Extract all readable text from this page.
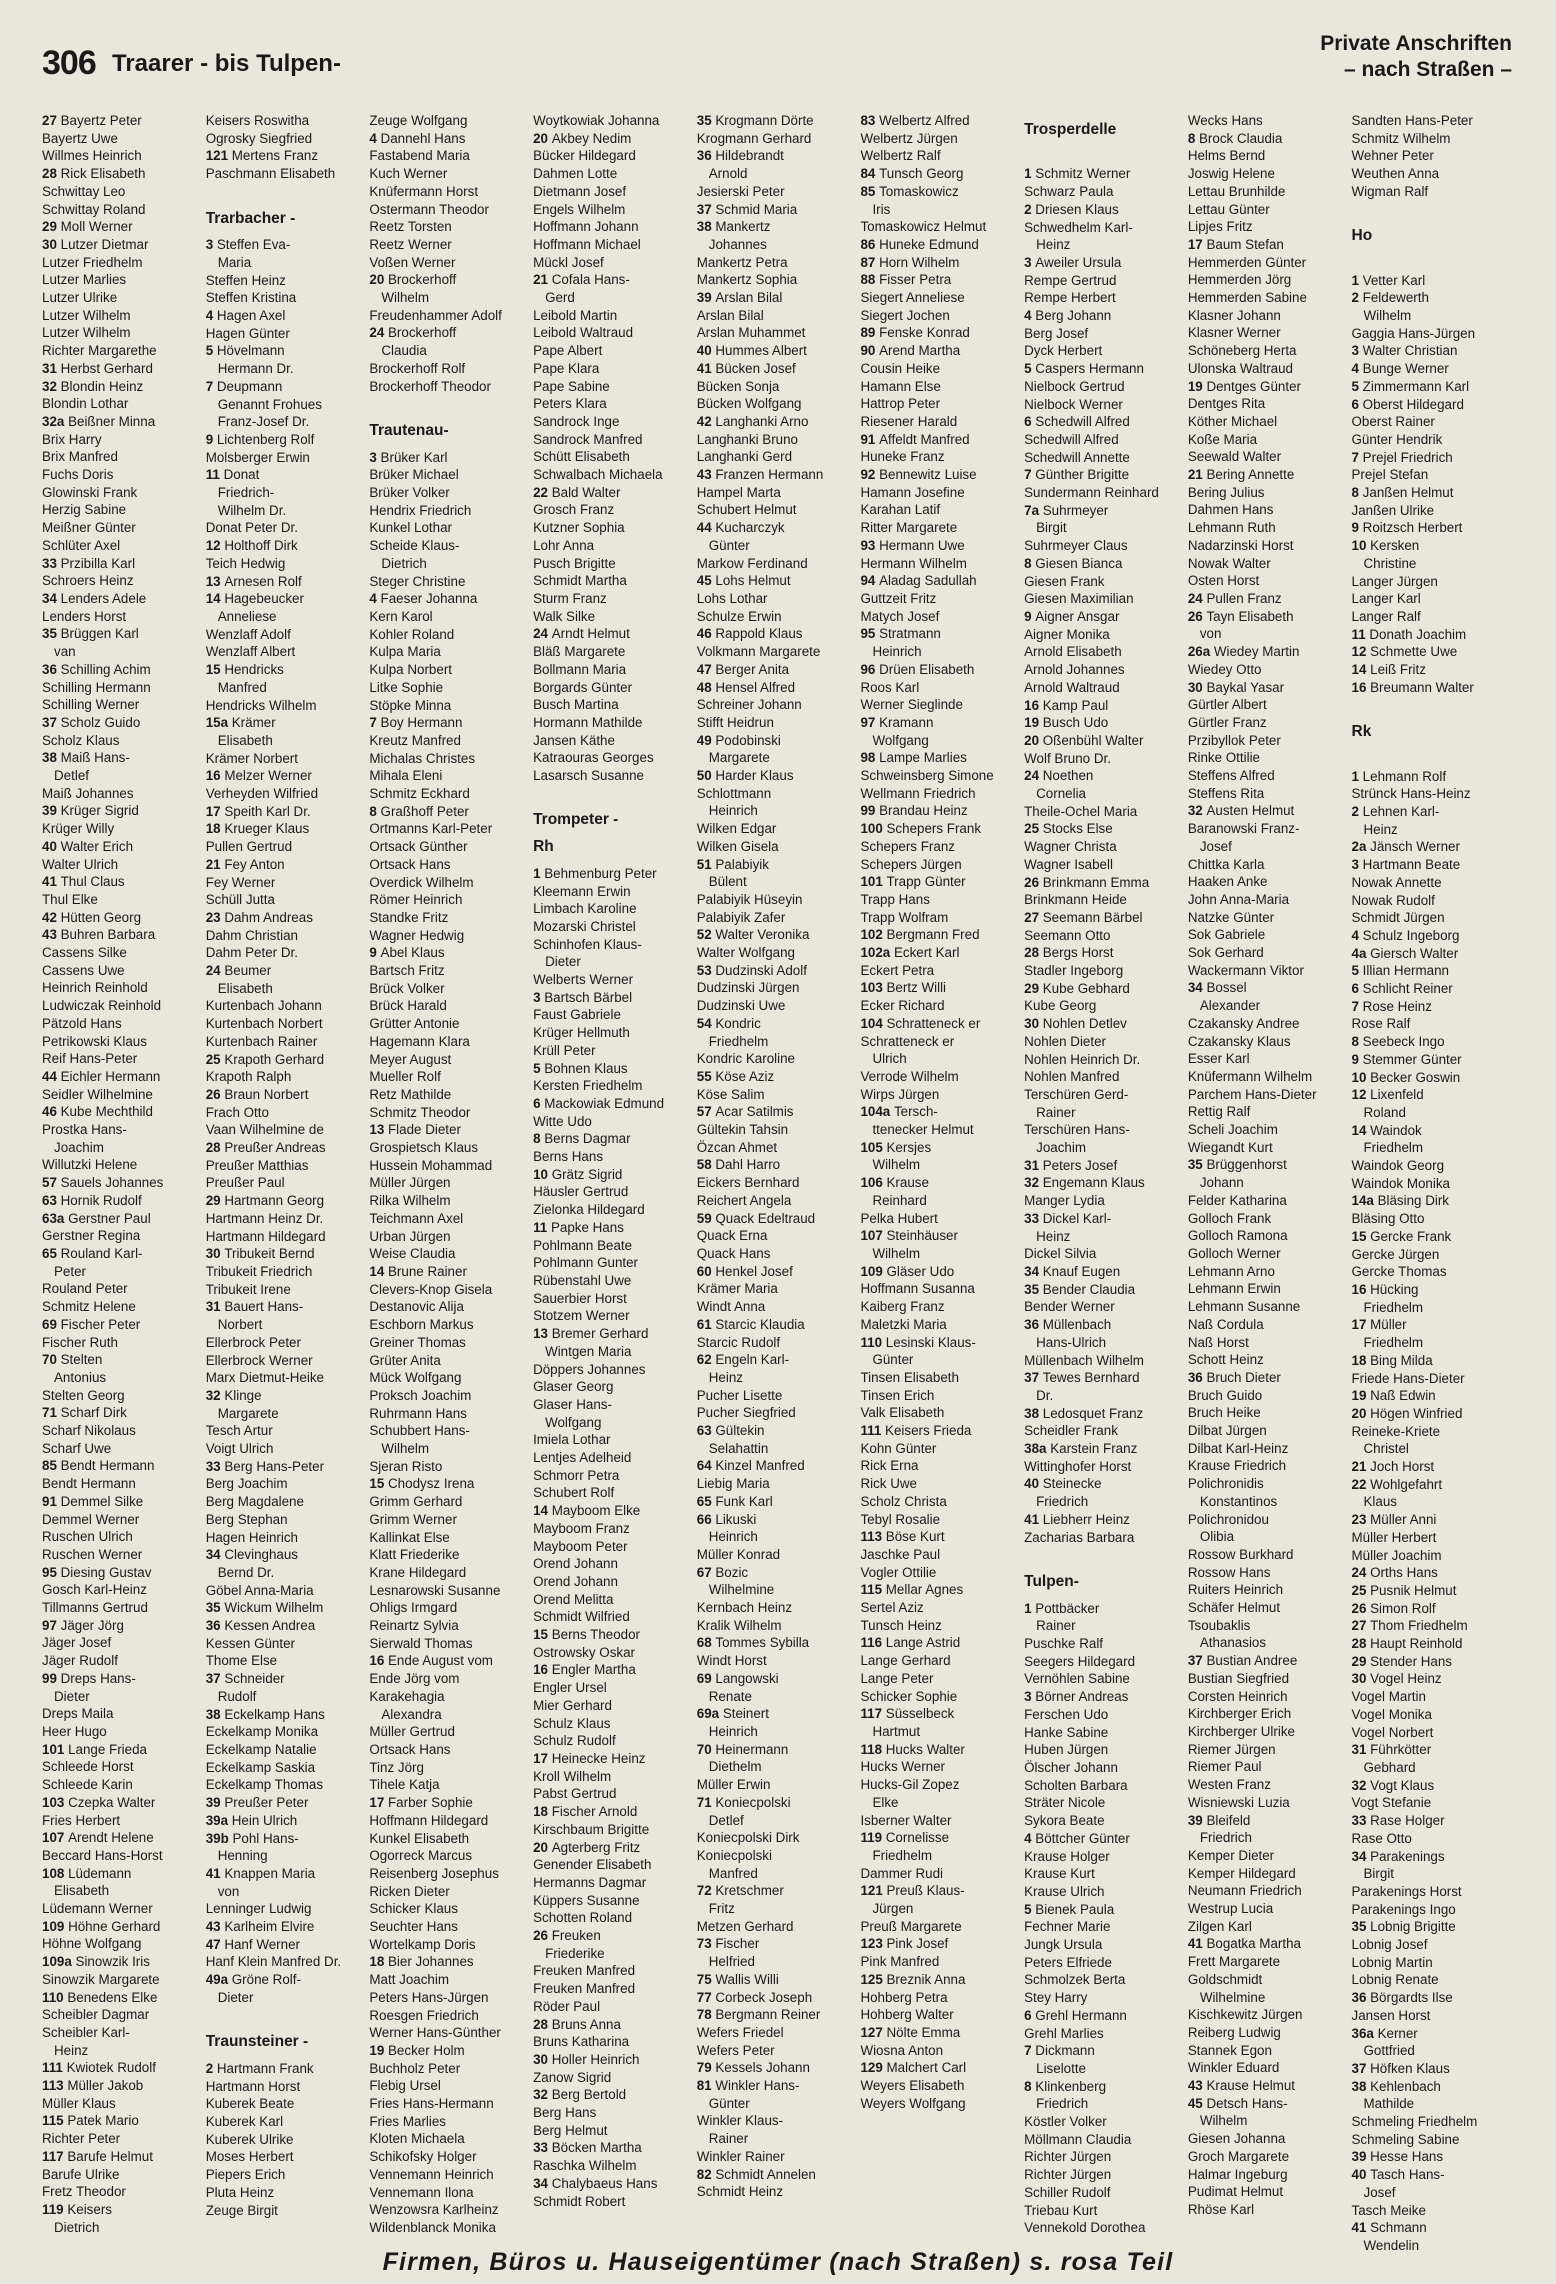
306 Traarer - bis Tulpen-
Private Anschriften
– nach Straßen –
27 Bayertz Peter
Bayertz Uwe
Willmes Heinrich
28 Rick Elisabeth
Schwittay Leo
Schwittay Roland
29 Moll Werner
30 Lutzer Dietmar
Lutzer Friedhelm
Lutzer Marlies
Lutzer Ulrike
Lutzer Wilhelm
Lutzer Wilhelm
Richter Margarethe
31 Herbst Gerhard
32 Blondin Heinz
Blondin Lothar
32a Beißner Minna
Brix Harry
Brix Manfred
Fuchs Doris
Glowinski Frank
Herzig Sabine
Meißner Günter
Schlüter Axel
33 Przibilla Karl
Schroers Heinz
34 Lenders Adele
Lenders Horst
35 Brüggen Karl
van
36 Schilling Achim
Schilling Hermann
Schilling Werner
37 Scholz Guido
Scholz Klaus
38 Maiß Hans-
Detlef
Maiß Johannes
39 Krüger Sigrid
Krüger Willy
40 Walter Erich
Walter Ulrich
41 Thul Claus
Thul Elke
42 Hütten Georg
43 Buhren Barbara
Cassens Silke
Cassens Uwe
Heinrich Reinhold
Ludwiczak Reinhold
Pätzold Hans
Petrikowski Klaus
Reif Hans-Peter
44 Eichler Hermann
Seidler Wilhelmine
46 Kube Mechthild
Prostka Hans-
Joachim
Willutzki Helene
57 Sauels Johannes
63 Hornik Rudolf
63a Gerstner Paul
Gerstner Regina
65 Rouland Karl-
Peter
Rouland Peter
Schmitz Helene
69 Fischer Peter
Fischer Ruth
70 Stelten
Antonius
Stelten Georg
71 Scharf Dirk
Scharf Nikolaus
Scharf Uwe
85 Bendt Hermann
Bendt Hermann
91 Demmel Silke
Demmel Werner
Ruschen Ulrich
Ruschen Werner
95 Diesing Gustav
Gosch Karl-Heinz
Tillmanns Gertrud
97 Jäger Jörg
Jäger Josef
Jäger Rudolf
99 Dreps Hans-
Dieter
Dreps Maila
Heer Hugo
101 Lange Frieda
Schleede Horst
Schleede Karin
103 Czepka Walter
Fries Herbert
107 Arendt Helene
Beccard Hans-Horst
108 Lüdemann
Elisabeth
Lüdemann Werner
109 Höhne Gerhard
Höhne Wolfgang
109a Sinowzik Iris
Sinowzik Margarete
110 Benedens Elke
Scheibler Dagmar
Scheibler Karl-
Heinz
111 Kwiotek Rudolf
113 Müller Jakob
Müller Klaus
115 Patek Mario
Richter Peter
117 Barufe Helmut
Barufe Ulrike
Fretz Theodor
119 Keisers
Dietrich
Keisers Roswitha
Ogrosky Siegfried
121 Mertens Franz
Paschmann Elisabeth

Trarbacher -
3 Steffen Eva-
Maria
Steffen Heinz
Steffen Kristina
4 Hagen Axel
Hagen Günter
5 Hövelmann
Hermann Dr.
7 Deupmann
Genannt Frohues
Franz-Josef Dr.
9 Lichtenberg Rolf
Molsberger Erwin
11 Donat
Friedrich-
Wilhelm Dr.
Donat Peter Dr.
12 Holthoff Dirk
Teich Hedwig
13 Arnesen Rolf
14 Hagebeucker
Anneliese
Wenzlaff Adolf
Wenzlaff Albert
15 Hendricks
Manfred
Hendricks Wilhelm
15a Krämer
Elisabeth
Krämer Norbert
16 Melzer Werner
Verheyden Wilfried
17 Speith Karl Dr.
18 Krueger Klaus
Pullen Gertrud
21 Fey Anton
Fey Werner
Schüll Jutta
23 Dahm Andreas
Dahm Christian
Dahm Peter Dr.
24 Beumer
Elisabeth
Kurtenbach Johann
Kurtenbach Norbert
Kurtenbach Rainer
25 Krapoth Gerhard
Krapoth Ralph
26 Braun Norbert
Frach Otto
Vaan Wilhelmine de
28 Preußer Andreas
Preußer Matthias
Preußer Paul
29 Hartmann Georg
Hartmann Heinz Dr.
Hartmann Hildegard
30 Tribukeit Bernd
Tribukeit Friedrich
Tribukeit Irene
31 Bauert Hans-
Norbert
Ellerbrock Peter
Ellerbrock Werner
Marx Dietmut-Heike
32 Klinge
Margarete
Tesch Artur
Voigt Ulrich
33 Berg Hans-Peter
Berg Joachim
Berg Magdalene
Berg Stephan
Hagen Heinrich
34 Clevinghaus
Bernd Dr.
Göbel Anna-Maria
35 Wickum Wilhelm
36 Kessen Andrea
Kessen Günter
Thome Else
37 Schneider
Rudolf
38 Eckelkamp Hans
Eckelkamp Monika
Eckelkamp Natalie
Eckelkamp Saskia
Eckelkamp Thomas
39 Preußer Peter
39a Hein Ulrich
39b Pohl Hans-
Henning
41 Knappen Maria
von
Lenninger Ludwig
43 Karlheim Elvire
47 Hanf Werner
Hanf Klein Manfred Dr.
49a Gröne Rolf-
Dieter

Traunsteiner -
2 Hartmann Frank
Hartmann Horst
Kuberek Beate
Kuberek Karl
Kuberek Ulrike
Moses Herbert
Piepers Erich
Pluta Heinz
Zeuge Birgit
Zeuge Wolfgang
4 Dannehl Hans
Fastabend Maria
Kuch Werner
Knüfermann Horst
Ostermann Theodor
Reetz Torsten
Reetz Werner
Voßen Werner
20 Brockerhoff
Wilhelm
Freudenhammer Adolf
24 Brockerhoff
Claudia
Brockerhoff Rolf
Brockerhoff Theodor

Trautenau-
3 Brüker Karl
Brüker Michael
Brüker Volker
Hendrix Friedrich
Kunkel Lothar
Scheide Klaus-
Dietrich
Steger Christine
4 Faeser Johanna
Kern Karol
Kohler Roland
Kulpa Maria
Kulpa Norbert
Litke Sophie
Stöpke Minna
7 Boy Hermann
Kreutz Manfred
Michalas Christes
Mihala Eleni
Schmitz Eckhard
8 Graßhoff Peter
Ortmanns Karl-Peter
Ortsack Günther
Ortsack Hans
Overdick Wilhelm
Römer Heinrich
Standke Fritz
Wagner Hedwig
9 Abel Klaus
Bartsch Fritz
Brück Volker
Brück Harald
Grütter Antonie
Hagemann Klara
Meyer August
Mueller Rolf
Retz Mathilde
Schmitz Theodor
13 Flade Dieter
Grospietsch Klaus
Hussein Mohammad
Müller Jürgen
Rilka Wilhelm
Teichmann Axel
Urban Jürgen
Weise Claudia
14 Brune Rainer
Clevers-Knop Gisela
Destanovic Alija
Eschborn Markus
Greiner Thomas
Grüter Anita
Mück Wolfgang
Proksch Joachim
Ruhrmann Hans
Schubbert Hans-
Wilhelm
Sjeran Risto
15 Chodysz Irena
Grimm Gerhard
Grimm Werner
Kallinkat Else
Klatt Friederike
Krane Hildegard
Lesnarowski Susanne
Ohligs Irmgard
Reinartz Sylvia
Sierwald Thomas
16 Ende August vom
Ende Jörg vom
Karakehagia
Alexandra
Müller Gertrud
Ortsack Hans
Tinz Jörg
Tihele Katja
17 Farber Sophie
Hoffmann Hildegard
Kunkel Elisabeth
Ogorreck Marcus
Reisenberg Josephus
Ricken Dieter
Schicker Klaus
Seuchter Hans
Wortelkamp Doris
18 Bier Johannes
Matt Joachim
Peters Hans-Jürgen
Roesgen Friedrich
Werner Hans-Günther
19 Becker Holm
Buchholz Peter
Flebig Ursel
Fries Hans-Hermann
Fries Marlies
Kloten Michaela
Schikofsky Holger
Vennemann Heinrich
Vennemann Ilona
Wenzowsra Karlheinz
Wildenblanck Monika
Woytkowiak Johanna
20 Akbey Nedim
Bücker Hildegard
Dahmen Lotte
Dietmann Josef
Engels Wilhelm
Hoffmann Johann
Hoffmann Michael
Mückl Josef
21 Cofala Hans-
Gerd
Leibold Martin
Leibold Waltraud
Pape Albert
Pape Klara
Pape Sabine
Peters Klara
Sandrock Inge
Sandrock Manfred
Schütt Elisabeth
Schwalbach Michaela
22 Bald Walter
Grosch Franz
Kutzner Sophia
Lohr Anna
Pusch Brigitte
Schmidt Martha
Sturm Franz
Walk Silke
24 Arndt Helmut
Bläß Margarete
Bollmann Maria
Borgards Günter
Busch Martina
Hormann Mathilde
Jansen Käthe
Katraouras Georges
Lasarsch Susanne

Trompeter -
Rh
1 Behmenburg Peter
Kleemann Erwin
Limbach Karoline
Mozarski Christel
Schinhofen Klaus-
Dieter
Welberts Werner
3 Bartsch Bärbel
Faust Gabriele
Krüger Hellmuth
Krüll Peter
5 Bohnen Klaus
Kersten Friedhelm
6 Mackowiak Edmund
Witte Udo
8 Berns Dagmar
Berns Hans
10 Grätz Sigrid
Häusler Gertrud
Zielonka Hildegard
11 Papke Hans
Pohlmann Beate
Pohlmann Gunter
Rübenstahl Uwe
Sauerbier Horst
Stotzem Werner
13 Bremer Gerhard
Wintgen Maria
Döppers Johannes
Glaser Georg
Glaser Hans-
Wolfgang
Imiela Lothar
Lentjes Adelheid
Schmorr Petra
Schubert Rolf
14 Mayboom Elke
Mayboom Franz
Mayboom Peter
Orend Johann
Orend Johann
Orend Melitta
Schmidt Wilfried
15 Berns Theodor
Ostrowsky Oskar
16 Engler Martha
Engler Ursel
Mier Gerhard
Schulz Klaus
Schulz Rudolf
17 Heinecke Heinz
Kroll Wilhelm
Pabst Gertrud
18 Fischer Arnold
Kirschbaum Brigitte
20 Agterberg Fritz
Genender Elisabeth
Hermanns Dagmar
Küppers Susanne
Schotten Roland
26 Freuken
Friederike
Freuken Manfred
Freuken Manfred
Röder Paul
28 Bruns Anna
Bruns Katharina
30 Holler Heinrich
Zanow Sigrid
32 Berg Bertold
Berg Hans
Berg Helmut
33 Böcken Martha
Raschka Wilhelm
34 Chalybaeus Hans
Schmidt Robert
35 Krogmann Dörte
Krogmann Gerhard
36 Hildebrandt
Arnold
Jesierski Peter
37 Schmid Maria
38 Mankertz
Johannes
Mankertz Petra
Mankertz Sophia
39 Arslan Bilal
Arslan Bilal
Arslan Muhammet
40 Hummes Albert
41 Bücken Josef
Bücken Sonja
Bücken Wolfgang
42 Langhanki Arno
Langhanki Bruno
Langhanki Gerd
43 Franzen Hermann
Hampel Marta
Schubert Helmut
44 Kucharczyk
Günter
Markow Ferdinand
45 Lohs Helmut
Lohs Lothar
Schulze Erwin
46 Rappold Klaus
Volkmann Margarete
47 Berger Anita
48 Hensel Alfred
Schreiner Johann
Stifft Heidrun
49 Podobinski
Margarete
50 Harder Klaus
Schlottmann
Heinrich
Wilken Edgar
Wilken Gisela
51 Palabiyik
Bülent
Palabiyik Hüseyin
Palabiyik Zafer
52 Walter Veronika
Walter Wolfgang
53 Dudzinski Adolf
Dudzinski Jürgen
Dudzinski Uwe
54 Kondric
Friedhelm
Kondric Karoline
55 Köse Aziz
Köse Salim
57 Acar Satilmis
Gültekin Tahsin
Özcan Ahmet
58 Dahl Harro
Eickers Bernhard
Reichert Angela
59 Quack Edeltraud
Quack Erna
Quack Hans
60 Henkel Josef
Krämer Maria
Windt Anna
61 Starcic Klaudia
Starcic Rudolf
62 Engeln Karl-
Heinz
Pucher Lisette
Pucher Siegfried
63 Gültekin
Selahattin
64 Kinzel Manfred
Liebig Maria
65 Funk Karl
66 Likuski
Heinrich
Müller Konrad
67 Bozic
Wilhelmine
Kernbach Heinz
Kralik Wilhelm
68 Tommes Sybilla
Windt Horst
69 Langowski
Renate
69a Steinert
Heinrich
70 Heinermann
Diethelm
Müller Erwin
71 Koniecpolski
Detlef
Koniecpolski Dirk
Koniecpolski
Manfred
72 Kretschmer
Fritz
Metzen Gerhard
73 Fischer
Helfried
75 Wallis Willi
77 Corbeck Joseph
78 Bergmann Reiner
Wefers Friedel
Wefers Peter
79 Kessels Johann
81 Winkler Hans-
Günter
Winkler Klaus-
Rainer
Winkler Rainer
82 Schmidt Annelen
Schmidt Heinz
83 Welbertz Alfred
Welbertz Jürgen
Welbertz Ralf
84 Tunsch Georg
85 Tomaskowicz
Iris
Tomaskowicz Helmut
86 Huneke Edmund
87 Horn Wilhelm
88 Fisser Petra
Siegert Anneliese
Siegert Jochen
89 Fenske Konrad
90 Arend Martha
Cousin Heike
Hamann Else
Hattrop Peter
Riesener Harald
91 Affeldt Manfred
Huneke Franz
92 Bennewitz Luise
Hamann Josefine
Karahan Latif
Ritter Margarete
93 Hermann Uwe
Hermann Wilhelm
94 Aladag Sadullah
Guttzeit Fritz
Matych Josef
95 Stratmann
Heinrich
96 Drüen Elisabeth
Roos Karl
Werner Sieglinde
97 Kramann
Wolfgang
98 Lampe Marlies
Schweinsberg Simone
Wellmann Friedrich
99 Brandau Heinz
100 Schepers Frank
Schepers Franz
Schepers Jürgen
101 Trapp Günter
Trapp Hans
Trapp Wolfram
102 Bergmann Fred
102a Eckert Karl
Eckert Petra
103 Bertz Willi
Ecker Richard
104 Schratteneck er
Schratteneck er
Ulrich
Verrode Wilhelm
Wirps Jürgen
104a Tersch-
ttenecker Helmut
105 Kersjes
Wilhelm
106 Krause
Reinhard
Pelka Hubert
107 Steinhäuser
Wilhelm
109 Gläser Udo
Hoffmann Susanna
Kaiberg Franz
Maletzki Maria
110 Lesinski Klaus-
Günter
Tinsen Elisabeth
Tinsen Erich
Valk Elisabeth
111 Keisers Frieda
Kohn Günter
Rick Erna
Rick Uwe
Scholz Christa
Tebyl Rosalie
113 Böse Kurt
Jaschke Paul
Vogler Ottilie
115 Mellar Agnes
Sertel Aziz
Tunsch Heinz
116 Lange Astrid
Lange Gerhard
Lange Peter
Schicker Sophie
117 Süsselbeck
Hartmut
118 Hucks Walter
Hucks Werner
Hucks-Gil Zopez
Elke
Isberner Walter
119 Cornelisse
Friedhelm
Dammer Rudi
121 Preuß Klaus-
Jürgen
Preuß Margarete
123 Pink Josef
Pink Manfred
125 Breznik Anna
Hohberg Petra
Hohberg Walter
127 Nölte Emma
Wiosna Anton
129 Malchert Carl
Weyers Elisabeth
Weyers Wolfgang
Trosperdelle

1 Schmitz Werner
Schwarz Paula
2 Driesen Klaus
Schwedhelm Karl-
Heinz
3 Aweiler Ursula
Rempe Gertrud
Rempe Herbert
4 Berg Johann
Berg Josef
Dyck Herbert
5 Caspers Hermann
Nielbock Gertrud
Nielbock Werner
6 Schedwill Alfred
Schedwill Alfred
Schedwill Annette
7 Günther Brigitte
Sundermann Reinhard
7a Suhrmeyer
Birgit
Suhrmeyer Claus
8 Giesen Bianca
Giesen Frank
Giesen Maximilian
9 Aigner Ansgar
Aigner Monika
Arnold Elisabeth
Arnold Johannes
Arnold Waltraud
16 Kamp Paul
19 Busch Udo
20 Oßenbühl Walter
Wolf Bruno Dr.
24 Noethen
Cornelia
Theile-Ochel Maria
25 Stocks Else
Wagner Christa
Wagner Isabell
26 Brinkmann Emma
Brinkmann Heide
27 Seemann Bärbel
Seemann Otto
28 Bergs Horst
Stadler Ingeborg
29 Kube Gebhard
Kube Georg
30 Nohlen Detlev
Nohlen Dieter
Nohlen Heinrich Dr.
Nohlen Manfred
Terschüren Gerd-
Rainer
Terschüren Hans-
Joachim
31 Peters Josef
32 Engemann Klaus
Manger Lydia
33 Dickel Karl-
Heinz
Dickel Silvia
34 Knauf Eugen
35 Bender Claudia
Bender Werner
36 Müllenbach
Hans-Ulrich
Müllenbach Wilhelm
37 Tewes Bernhard
Dr.
38 Ledosquet Franz
Scheidler Frank
38a Karstein Franz
Wittinghofer Horst
40 Steinecke
Friedrich
41 Liebherr Heinz
Zacharias Barbara

Tulpen-
1 Pottbäcker
Rainer
Puschke Ralf
Seegers Hildegard
Vernöhlen Sabine
3 Börner Andreas
Ferschen Udo
Hanke Sabine
Huben Jürgen
Ölscher Johann
Scholten Barbara
Sträter Nicole
Sykora Beate
4 Böttcher Günter
Krause Holger
Krause Kurt
Krause Ulrich
5 Bienek Paula
Fechner Marie
Jungk Ursula
Peters Elfriede
Schmolzek Berta
Stey Harry
6 Grehl Hermann
Grehl Marlies
7 Dickmann
Liselotte
8 Klinkenberg
Friedrich
Köstler Volker
Möllmann Claudia
Richter Jürgen
Richter Jürgen
Schiller Rudolf
Triebau Kurt
Vennekold Dorothea
Wecks Hans
8 Brock Claudia
Helms Bernd
Joswig Helene
Lettau Brunhilde
Lettau Günter
Lipjes Fritz
17 Baum Stefan
Hemmerden Günter
Hemmerden Jörg
Hemmerden Sabine
Klasner Johann
Klasner Werner
Schöneberg Herta
Ulonska Waltraud
19 Dentges Günter
Dentges Rita
Köther Michael
Koße Maria
Seewald Walter
21 Bering Annette
Bering Julius
Dahmen Hans
Lehmann Ruth
Nadarzinski Horst
Nowak Walter
Osten Horst
24 Pullen Franz
26 Tayn Elisabeth
von
26a Wiedey Martin
Wiedey Otto
30 Baykal Yasar
Gürtler Albert
Gürtler Franz
Przibyllok Peter
Rinke Ottilie
Steffens Alfred
Steffens Rita
32 Austen Helmut
Baranowski Franz-
Josef
Chittka Karla
Haaken Anke
John Anna-Maria
Natzke Günter
Sok Gabriele
Sok Gerhard
Wackermann Viktor
34 Bossel
Alexander
Czakansky Andree
Czakansky Klaus
Esser Karl
Knüfermann Wilhelm
Parchem Hans-Dieter
Rettig Ralf
Scheli Joachim
Wiegandt Kurt
35 Brüggenhorst
Johann
Felder Katharina
Golloch Frank
Golloch Ramona
Golloch Werner
Lehmann Arno
Lehmann Erwin
Lehmann Susanne
Naß Cordula
Naß Horst
Schott Heinz
36 Bruch Dieter
Bruch Guido
Bruch Heike
Dilbat Jürgen
Dilbat Karl-Heinz
Krause Friedrich
Polichronidis
Konstantinos
Polichronidou
Olibia
Rossow Burkhard
Rossow Hans
Ruiters Heinrich
Schäfer Helmut
Tsoubaklis
Athanasios
37 Bustian Andree
Bustian Siegfried
Corsten Heinrich
Kirchberger Erich
Kirchberger Ulrike
Riemer Jürgen
Riemer Paul
Westen Franz
Wisniewski Luzia
39 Bleifeld
Friedrich
Kemper Dieter
Kemper Hildegard
Neumann Friedrich
Westrup Lucia
Zilgen Karl
41 Bogatka Martha
Frett Margarete
Goldschmidt
Wilhelmine
Kischkewitz Jürgen
Reiberg Ludwig
Stannek Egon
Winkler Eduard
43 Krause Helmut
45 Detsch Hans-
Wilhelm
Giesen Johanna
Groch Margarete
Halmar Ingeburg
Pudimat Helmut
Rhöse Karl
Sandten Hans-Peter
Schmitz Wilhelm
Wehner Peter
Weuthen Anna
Wigman Ralf

Ho

1 Vetter Karl
2 Feldewerth
Wilhelm
Gaggia Hans-Jürgen
3 Walter Christian
4 Bunge Werner
5 Zimmermann Karl
6 Oberst Hildegard
Oberst Rainer
Günter Hendrik
7 Prejel Friedrich
Prejel Stefan
8 Janßen Helmut
Janßen Ulrike
9 Roitzsch Herbert
10 Kersken
Christine
Langer Jürgen
Langer Karl
Langer Ralf
11 Donath Joachim
12 Schmette Uwe
14 Leiß Fritz
16 Breumann Walter

Rk

1 Lehmann Rolf
Strünck Hans-Heinz
2 Lehnen Karl-
Heinz
2a Jänsch Werner
3 Hartmann Beate
Nowak Annette
Nowak Rudolf
Schmidt Jürgen
4 Schulz Ingeborg
4a Giersch Walter
5 Illian Hermann
6 Schlicht Reiner
7 Rose Heinz
Rose Ralf
8 Seebeck Ingo
9 Stemmer Günter
10 Becker Goswin
12 Lixenfeld
Roland
14 Waindok
Friedhelm
Waindok Georg
Waindok Monika
14a Bläsing Dirk
Bläsing Otto
15 Gercke Frank
Gercke Jürgen
Gercke Thomas
16 Hücking
Friedhelm
17 Müller
Friedhelm
18 Bing Milda
Friede Hans-Dieter
19 Naß Edwin
20 Högen Winfried
Reineke-Kriete
Christel
21 Joch Horst
22 Wohlgefahrt
Klaus
23 Müller Anni
Müller Herbert
Müller Joachim
24 Orths Hans
25 Pusnik Helmut
26 Simon Rolf
27 Thom Friedhelm
28 Haupt Reinhold
29 Stender Hans
30 Vogel Heinz
Vogel Martin
Vogel Monika
Vogel Norbert
31 Führkötter
Gebhard
32 Vogt Klaus
Vogt Stefanie
33 Rase Holger
Rase Otto
34 Parakenings
Birgit
Parakenings Horst
Parakenings Ingo
35 Lobnig Brigitte
Lobnig Josef
Lobnig Martin
Lobnig Renate
36 Börgardts Ilse
Jansen Horst
36a Kerner
Gottfried
37 Höfken Klaus
38 Kehlenbach
Mathilde
Schmeling Friedhelm
Schmeling Sabine
39 Hesse Hans
40 Tasch Hans-
Josef
Tasch Meike
41 Schmann
Wendelin
Firmen, Büros u. Hauseigentümer (nach Straßen) s. rosa Teil
